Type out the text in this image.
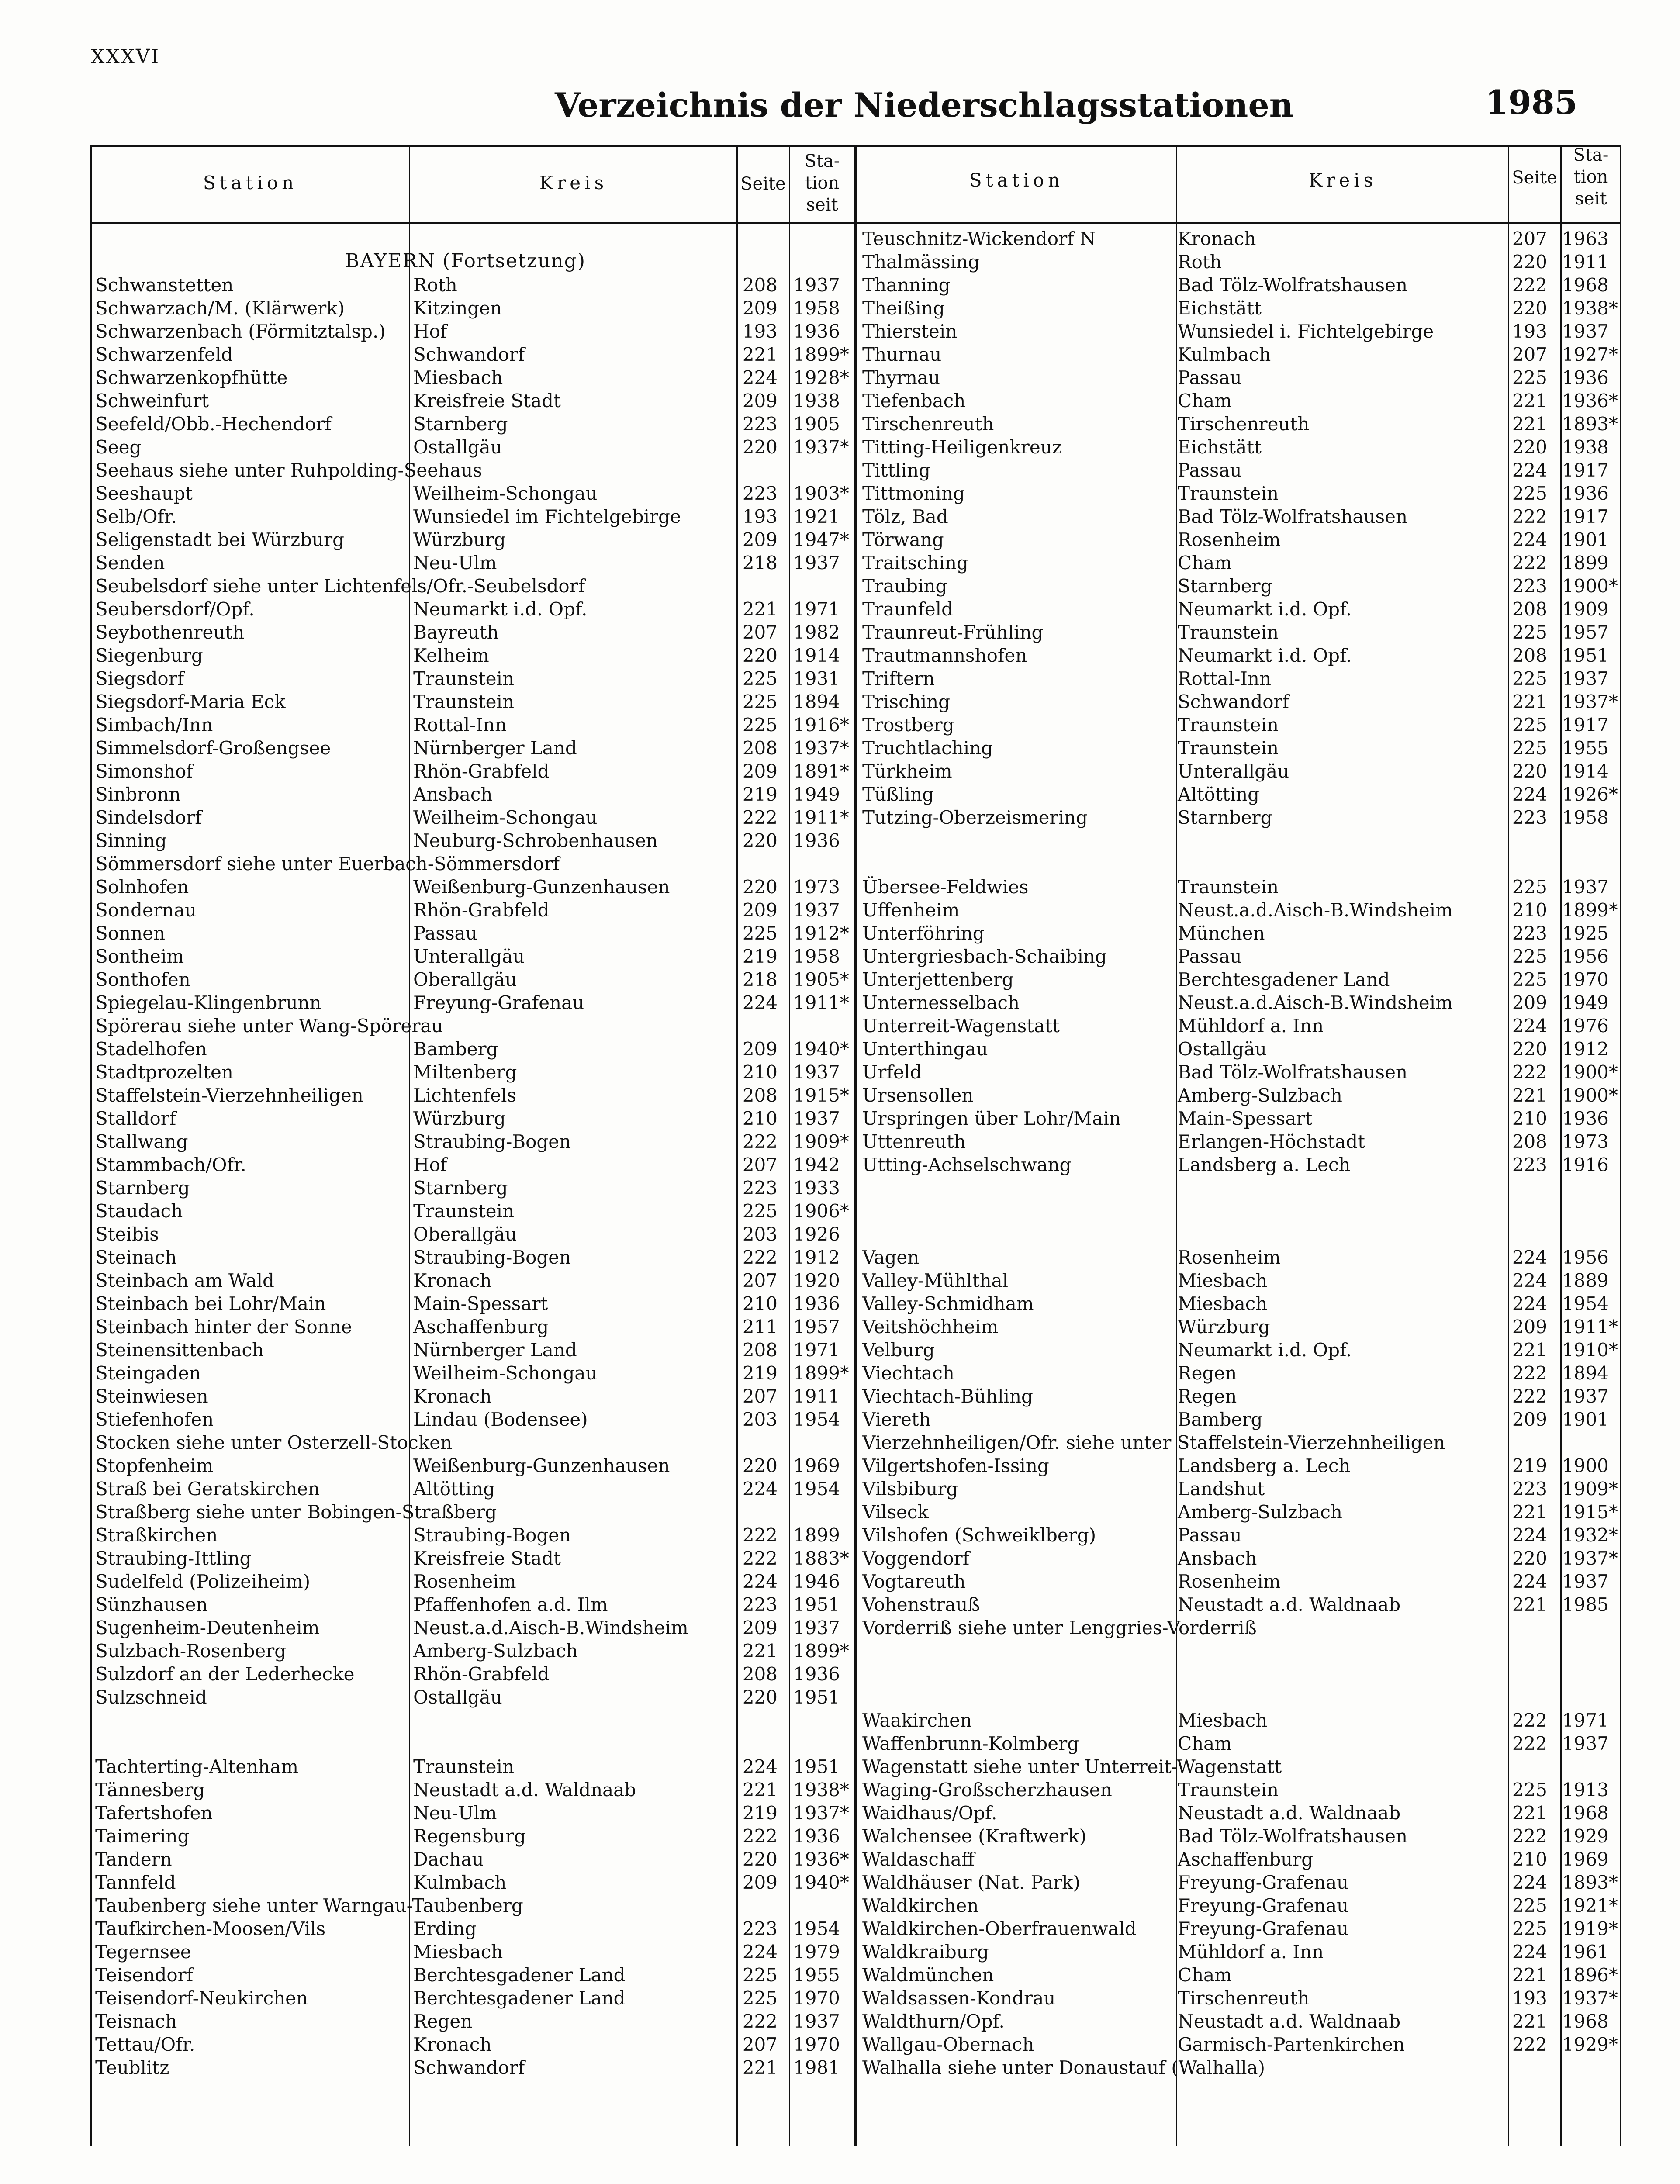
XXXVI
Verzeichnis der Niederschlagsstationen	1985
Station	Kreis	Seite
Sta-
tion
seit
Station	Kreis	Seite
Sta-
tion
seit
BAYERN (Fortsetzung)
Schwanstetten	Roth	208 1937
Schwarzach/M. (Klärwerk)	Kitzingen	209 1958
Schwarzenbach (Förmitztalsp.) Hof	193 1936
Schwarzenfeld	Schwandorf	221 1899*
Schwarzenkopfhütte	Miesbach	224 1928*
Schweinfurt	Kreisfreie Stadt	209 1938
Seefeld/Obb.-Hechendorf	Starnberg	223 1905
Seeg	Ostallgäu	220 1937*
Seehaus siehe unter Ruhpolding-Seehaus
Seeshaupt	Weilheim-Schongau	223 1903*
Selb/Ofr.	Wunsiedel im Fichtelgebirge	193 1921
Seligenstadt bei Würzburg	Würzburg	209 1947*
Senden	Neu-Ulm	218 1937
Seubelsdorf siehe unter Lichtenfels/Ofr.-Seubelsdorf
Seubersdorf/Opf.	Neumarkt i.d. Opf.	221 1971
Seybothenreuth	Bayreuth	207 1982
Siegenburg	Kelheim	220 1914
Siegsdorf	Traunstein	225 1931
Siegsdorf-Maria Eck	Traunstein	225 1894
Simbach/Inn	Rottal-Inn	225 1916*
Simmelsdorf-Großengsee	Nürnberger Land	208 1937*
Simonshof	Rhön-Grabfeld	209 1891*
Sinbronn	Ansbach	219 1949
Sindelsdorf	Weilheim-Schongau	222 1911*
Sinning	Neuburg-Schrobenhausen	220 1936
Sömmersdorf siehe unter Euerbach-Sömmersdorf
Solnhofen	Weißenburg-Gunzenhausen	220 1973
Sondernau	Rhön-Grabfeld	209 1937
Sonnen	Passau	225 1912*
Sontheim	Unterallgäu	219 1958
Sonthofen	Oberallgäu	218 1905*
Spiegelau-Klingenbrunn	Freyung-Grafenau	224 1911*
Spörerau siehe unter Wang-Spörerau
Stadelhofen	Bamberg	209 1940*
Stadtprozelten	Miltenberg	210 1937
Staffelstein-Vierzehnheiligen	Lichtenfels	208 1915*
Stalldorf	Würzburg	210 1937
Stallwang	Straubing-Bogen	222 1909*
Stammbach/Ofr.	Hof	207 1942
Starnberg	Starnberg	223 1933
Staudach	Traunstein	225 1906*
Steibis	Oberallgäu	203 1926
Steinach	Straubing-Bogen	222 1912
Steinbach am Wald	Kronach	207 1920
Steinbach bei Lohr/Main	Main-Spessart	210 1936
Steinbach hinter der Sonne	Aschaffenburg	211 1957
Steinensittenbach	Nürnberger Land	208 1971
Steingaden	Weilheim-Schongau	219 1899*
Steinwiesen	Kronach	207 1911
Stiefenhofen	Lindau (Bodensee)	203 1954
Stocken siehe unter Osterzell-Stocken
Stopfenheim	Weißenburg-Gunzenhausen	220 1969
Straß bei Geratskirchen	Altötting	224 1954
Straßberg siehe unter Bobingen-Straßberg
Straßkirchen	Straubing-Bogen	222 1899
Straubing-Ittling	Kreisfreie Stadt	222 1883*
Sudelfeld (Polizeiheim)	Rosenheim	224 1946
Sünzhausen	Pfaffenhofen a.d. Ilm	223 1951
Sugenheim-Deutenheim	Neust.a.d.Aisch-B.Windsheim	209 1937
Sulzbach-Rosenberg	Amberg-Sulzbach	221 1899*
Sulzdorf an der Lederhecke	Rhön-Grabfeld	208 1936
Sulzschneid	Ostallgäu	220 1951
Tachterting-Altenham	Traunstein	224 1951
Tännesberg	Neustadt a.d. Waldnaab	221 1938*
Tafertshofen	Neu-Ulm	219 1937*
Taimering	Regensburg	222 1936
Tandern	Dachau	220 1936*
Tannfeld	Kulmbach	209 1940*
Taubenberg siehe unter Warngau-Taubenberg
Taufkirchen-Moosen/Vils	Erding	223 1954
Tegernsee	Miesbach	224 1979
Teisendorf	Berchtesgadener Land	225 1955
Teisendorf-Neukirchen	Berchtesgadener Land	225 1970
Teisnach	Regen	222 1937
Tettau/Ofr.	Kronach	207 1970
Teublitz	Schwandorf	221 1981
Teuschnitz-Wickendorf N	Kronach	207 1963
Thalmässing	Roth	220 1911
Thanning	Bad Tölz-Wolfratshausen	222 1968
Theißing	Eichstätt	220 1938*
Thierstein	Wunsiedel i. Fichtelgebirge	193 1937
Thurnau	Kulmbach	207 1927*
Thyrnau	Passau	225 1936
Tiefenbach	Cham	221 1936*
Tirschenreuth	Tirschenreuth	221 1893*
Titting-Heiligenkreuz	Eichstätt	220 1938
Tittling	Passau	224 1917
Tittmoning	Traunstein	225 1936
Tölz, Bad	Bad Tölz-Wolfratshausen	222 1917
Törwang	Rosenheim	224 1901
Traitsching	Cham	222 1899
Traubing	Starnberg	223 1900*
Traunfeld	Neumarkt i.d. Opf.	208 1909
Traunreut-Frühling	Traunstein	225 1957
Trautmannshofen	Neumarkt i.d. Opf.	208 1951
Triftern	Rottal-Inn	225 1937
Trisching	Schwandorf	221 1937*
Trostberg	Traunstein	225 1917
Truchtlaching	Traunstein	225 1955
Türkheim	Unterallgäu	220 1914
Tüßling	Altötting	224 1926*
Tutzing-Oberzeismering	Starnberg	223 1958
Übersee-Feldwies	Traunstein	225 1937
Uffenheim	Neust.a.d.Aisch-B.Windsheim	210 1899*
Unterföhring	München	223 1925
Untergriesbach-Schaibing	Passau	225 1956
Unterjettenberg	Berchtesgadener Land	225 1970
Unternesselbach	Neust.a.d.Aisch-B.Windsheim	209 1949
Unterreit-Wagenstatt	Mühldorf a. Inn	224 1976
Unterthingau	Ostallgäu	220 1912
Urfeld	Bad Tölz-Wolfratshausen	222 1900*
Ursensollen	Amberg-Sulzbach	221 1900*
Urspringen über Lohr/Main	Main-Spessart	210 1936
Uttenreuth	Erlangen-Höchstadt	208 1973
Utting-Achselschwang	Landsberg a. Lech	223 1916
Vagen	Rosenheim	224 1956
Valley-Mühlthal	Miesbach	224 1889
Valley-Schmidham	Miesbach	224 1954
Veitshöchheim	Würzburg	209 1911*
Velburg	Neumarkt i.d. Opf.	221 1910*
Viechtach	Regen	222 1894
Viechtach-Bühling	Regen	222 1937
Viereth	Bamberg	209 1901
Vierzehnheiligen/Ofr. siehe unter Staffelstein-Vierzehnheiligen
Vilgertshofen-Issing	Landsberg a. Lech	219 1900
Vilsbiburg	Landshut	223 1909*
Vilseck	Amberg-Sulzbach	221 1915*
Vilshofen (Schweiklberg)	Passau	224 1932*
Voggendorf	Ansbach	220 1937*
Vogtareuth	Rosenheim	224 1937
Vohenstrauß	Neustadt a.d. Waldnaab	221 1985
Vorderriß siehe unter Lenggries-Vorderriß
Waakirchen	Miesbach	222 1971
Waffenbrunn-Kolmberg	Cham	222 1937
Wagenstatt siehe unter Unterreit-Wagenstatt
Waging-Großscherzhausen	Traunstein	225 1913
Waidhaus/Opf.	Neustadt a.d. Waldnaab	221 1968
Walchensee (Kraftwerk)	Bad Tölz-Wolfratshausen	222 1929
Waldaschaff	Aschaffenburg	210 1969
Waldhäuser (Nat. Park)	Freyung-Grafenau	224 1893*
Waldkirchen	Freyung-Grafenau	225 1921*
Waldkirchen-Oberfrauenwald Freyung-Grafenau	225 1919*
Waldkraiburg	Mühldorf a. Inn	224 1961
Waldmünchen	Cham	221 1896*
Waldsassen-Kondrau	Tirschenreuth	193 1937*
Waldthurn/Opf.	Neustadt a.d. Waldnaab	221 1968
Wallgau-Obernach	Garmisch-Partenkirchen	222 1929*
Walhalla siehe unter Donaustauf (Walhalla)
